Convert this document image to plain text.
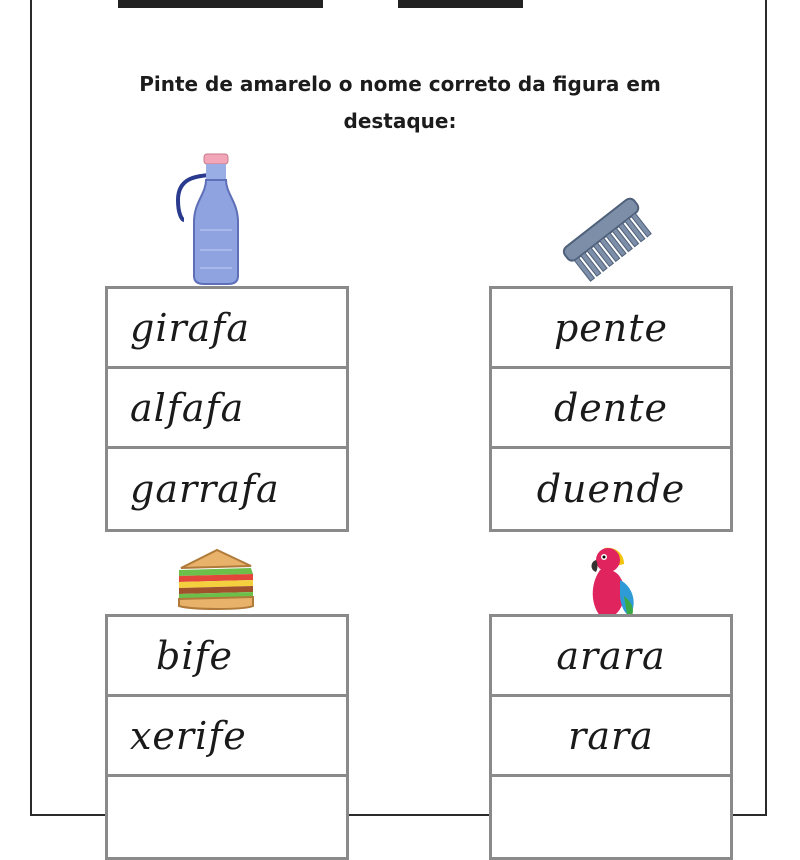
Pinte de amarelo o nome correto da figura em destaque:
girafa
alfafa
garrafa
pente
dente
duende
bife
xerife
arara
rara
